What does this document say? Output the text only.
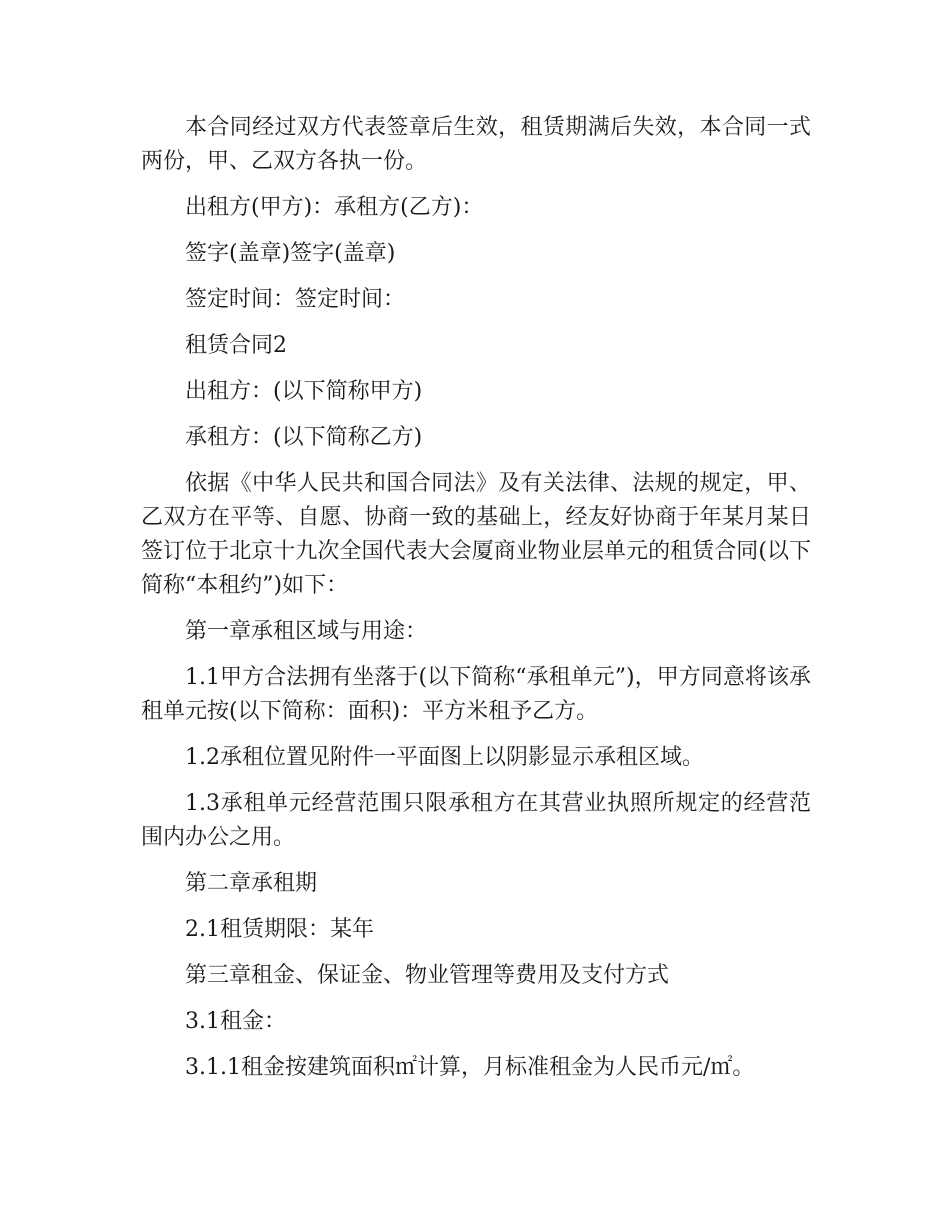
本合同经过双方代表签章后生效，租赁期满后失效，本合同一式两份，甲、乙双方各执一份。

出租方(甲方)：承租方(乙方)：

签字(盖章)签字(盖章)

签定时间：签定时间：

租赁合同2

出租方：(以下简称甲方)

承租方：(以下简称乙方)

依据《中华人民共和国合同法》及有关法律、法规的规定，甲、乙双方在平等、自愿、协商一致的基础上，经友好协商于年某月某日签订位于北京十九次全国代表大会厦商业物业层单元的租赁合同(以下简称“本租约”)如下：

第一章承租区域与用途：

1.1甲方合法拥有坐落于(以下简称“承租单元”)，甲方同意将该承租单元按(以下简称：面积)：平方米租予乙方。

1.2承租位置见附件一平面图上以阴影显示承租区域。

1.3承租单元经营范围只限承租方在其营业执照所规定的经营范围内办公之用。

第二章承租期

2.1租赁期限：某年

第三章租金、保证金、物业管理等费用及支付方式

3.1租金：

3.1.1租金按建筑面积㎡计算，月标准租金为人民币元/㎡。
